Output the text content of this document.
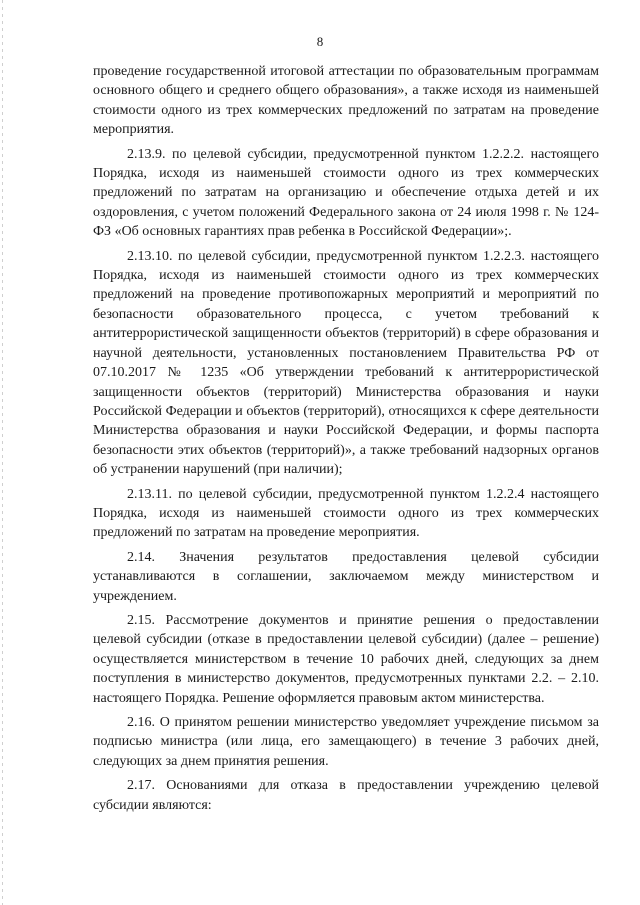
8

проведение государственной итоговой аттестации по образовательным программам основного общего и среднего общего образования», а также исходя из наименьшей стоимости одного из трех коммерческих предложений по затратам на проведение мероприятия.

2.13.9. по целевой субсидии, предусмотренной пунктом 1.2.2.2. настоящего Порядка, исходя из наименьшей стоимости одного из трех коммерческих предложений по затратам на организацию и обеспечение отдыха детей и их оздоровления, с учетом положений Федерального закона от 24 июля 1998 г. № 124-ФЗ «Об основных гарантиях прав ребенка в Российской Федерации»;.

2.13.10. по целевой субсидии, предусмотренной пунктом 1.2.2.3. настоящего Порядка, исходя из наименьшей стоимости одного из трех коммерческих предложений на проведение противопожарных мероприятий и мероприятий по безопасности образовательного процесса, с учетом требований к антитеррористической защищенности объектов (территорий) в сфере образования и научной деятельности, установленных постановлением Правительства РФ от 07.10.2017 № 1235 «Об утверждении требований к антитеррористической защищенности объектов (территорий) Министерства образования и науки Российской Федерации и объектов (территорий), относящихся к сфере деятельности Министерства образования и науки Российской Федерации, и формы паспорта безопасности этих объектов (территорий)», а также требований надзорных органов об устранении нарушений (при наличии);

2.13.11. по целевой субсидии, предусмотренной пунктом 1.2.2.4 настоящего Порядка, исходя из наименьшей стоимости одного из трех коммерческих предложений по затратам на проведение мероприятия.

2.14. Значения результатов предоставления целевой субсидии устанавливаются в соглашении, заключаемом между министерством и учреждением.

2.15. Рассмотрение документов и принятие решения о предоставлении целевой субсидии (отказе в предоставлении целевой субсидии) (далее – решение) осуществляется министерством в течение 10 рабочих дней, следующих за днем поступления в министерство документов, предусмотренных пунктами 2.2. – 2.10. настоящего Порядка. Решение оформляется правовым актом министерства.

2.16. О принятом решении министерство уведомляет учреждение письмом за подписью министра (или лица, его замещающего) в течение 3 рабочих дней, следующих за днем принятия решения.

2.17. Основаниями для отказа в предоставлении учреждению целевой субсидии являются:
